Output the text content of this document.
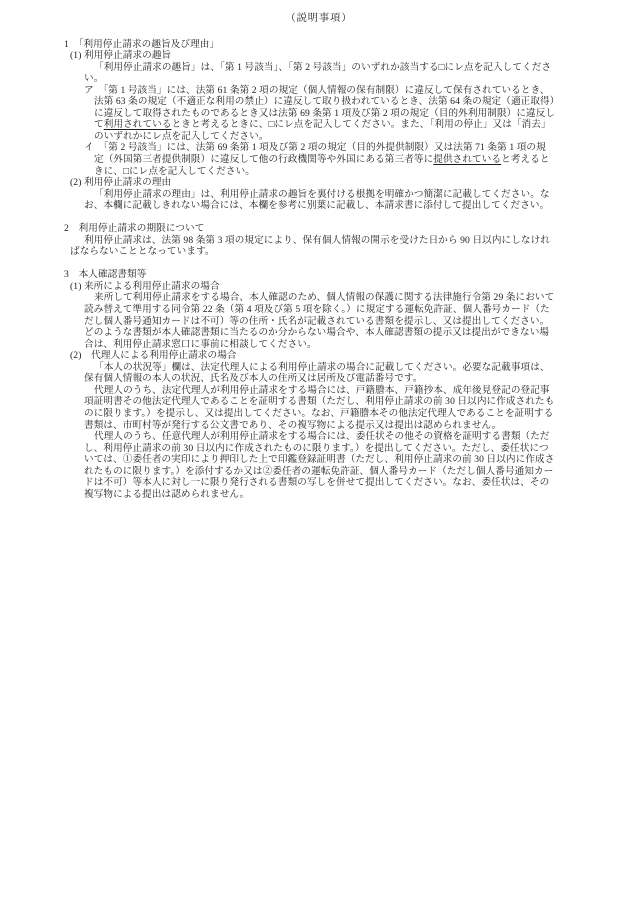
（説明事項）
1　「利用停止請求の趣旨及び理由」
(1) 利用停止請求の趣旨
「利用停止請求の趣旨」は、「第 1 号該当」、「第 2 号該当」のいずれか該当する□にレ点を記入してくださ
い。
ア　「第 1 号該当」には、法第 61 条第 2 項の規定（個人情報の保有制限）に違反して保有されているとき、
法第 63 条の規定（不適正な利用の禁止）に違反して取り扱われているとき、法第 64 条の規定（適正取得）
に違反して取得されたものであるとき又は法第 69 条第 1 項及び第 2 項の規定（目的外利用制限）に違反し
て利用されているときと考えるときに、□にレ点を記入してください。また、「利用の停止」又は「消去」
のいずれかにレ点を記入してください。
イ　「第 2 号該当」には、法第 69 条第 1 項及び第 2 項の規定（目的外提供制限）又は法第 71 条第 1 項の規
定（外国第三者提供制限）に違反して他の行政機関等や外国にある第三者等に提供されていると考えると
きに、□にレ点を記入してください。
(2) 利用停止請求の理由
「利用停止請求の理由」は、利用停止請求の趣旨を裏付ける根拠を明確かつ簡潔に記載してください。な
お、本欄に記載しきれない場合には、本欄を参考に別葉に記載し、本請求書に添付して提出してください。
2　利用停止請求の期限について
利用停止請求は、法第 98 条第 3 項の規定により、保有個人情報の開示を受けた日から 90 日以内にしなけれ
ばならないこととなっています。
3　本人確認書類等
(1) 来所による利用停止請求の場合
来所して利用停止請求をする場合、本人確認のため、個人情報の保護に関する法律施行令第 29 条において
読み替えて準用する同令第 22 条（第 4 項及び第 5 項を除く。）に規定する運転免許証、個人番号カード（た
だし個人番号通知カードは不可）等の住所・氏名が記載されている書類を提示し、又は提出してください。
どのような書類が本人確認書類に当たるのか分からない場合や、本人確認書類の提示又は提出ができない場
合は、利用停止請求窓口に事前に相談してください。
(2)　代理人による利用停止請求の場合
「本人の状況等」欄は、法定代理人による利用停止請求の場合に記載してください。必要な記載事項は、
保有個人情報の本人の状況、氏名及び本人の住所又は居所及び電話番号です。
代理人のうち、法定代理人が利用停止請求をする場合には、戸籍謄本、戸籍抄本、成年後見登記の登記事
項証明書その他法定代理人であることを証明する書類（ただし、利用停止請求の前 30 日以内に作成されたも
のに限ります。）を提示し、又は提出してください。なお、戸籍謄本その他法定代理人であることを証明する
書類は、市町村等が発行する公文書であり、その複写物による提示又は提出は認められません。
代理人のうち、任意代理人が利用停止請求をする場合には、委任状その他その資格を証明する書類（ただ
し、利用停止請求の前 30 日以内に作成されたものに限ります。）を提出してください。ただし、委任状につ
いては、①委任者の実印により押印した上で印鑑登録証明書（ただし、利用停止請求の前 30 日以内に作成さ
れたものに限ります。）を添付するか又は②委任者の運転免許証、個人番号カード（ただし個人番号通知カー
ドは不可）等本人に対し一に限り発行される書類の写しを併せて提出してください。なお、委任状は、その
複写物による提出は認められません。
